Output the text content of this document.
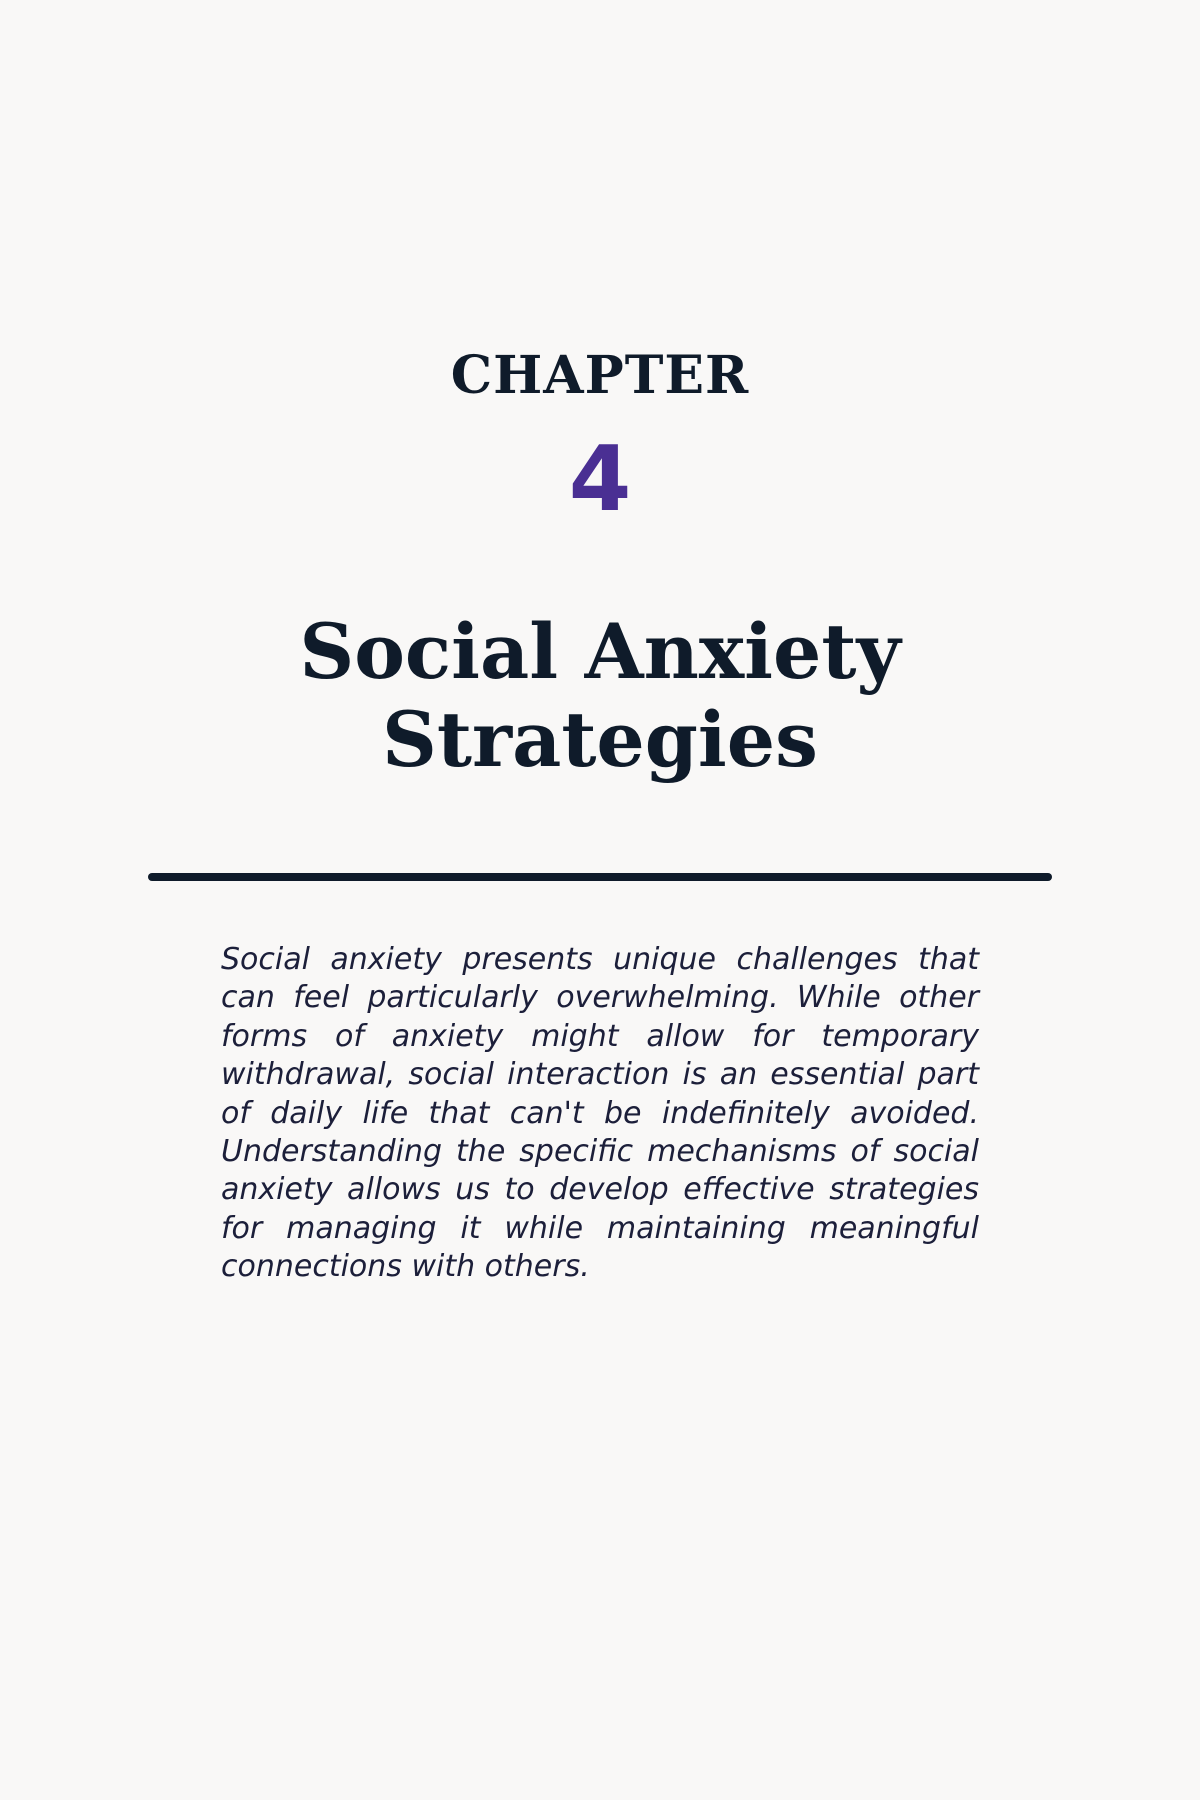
CHAPTER
4
Social Anxiety Strategies

Social anxiety presents unique challenges that can feel particularly overwhelming. While other forms of anxiety might allow for temporary withdrawal, social interaction is an essential part of daily life that can't be indefinitely avoided. Understanding the specific mechanisms of social anxiety allows us to develop effective strategies for managing it while maintaining meaningful connections with others.
